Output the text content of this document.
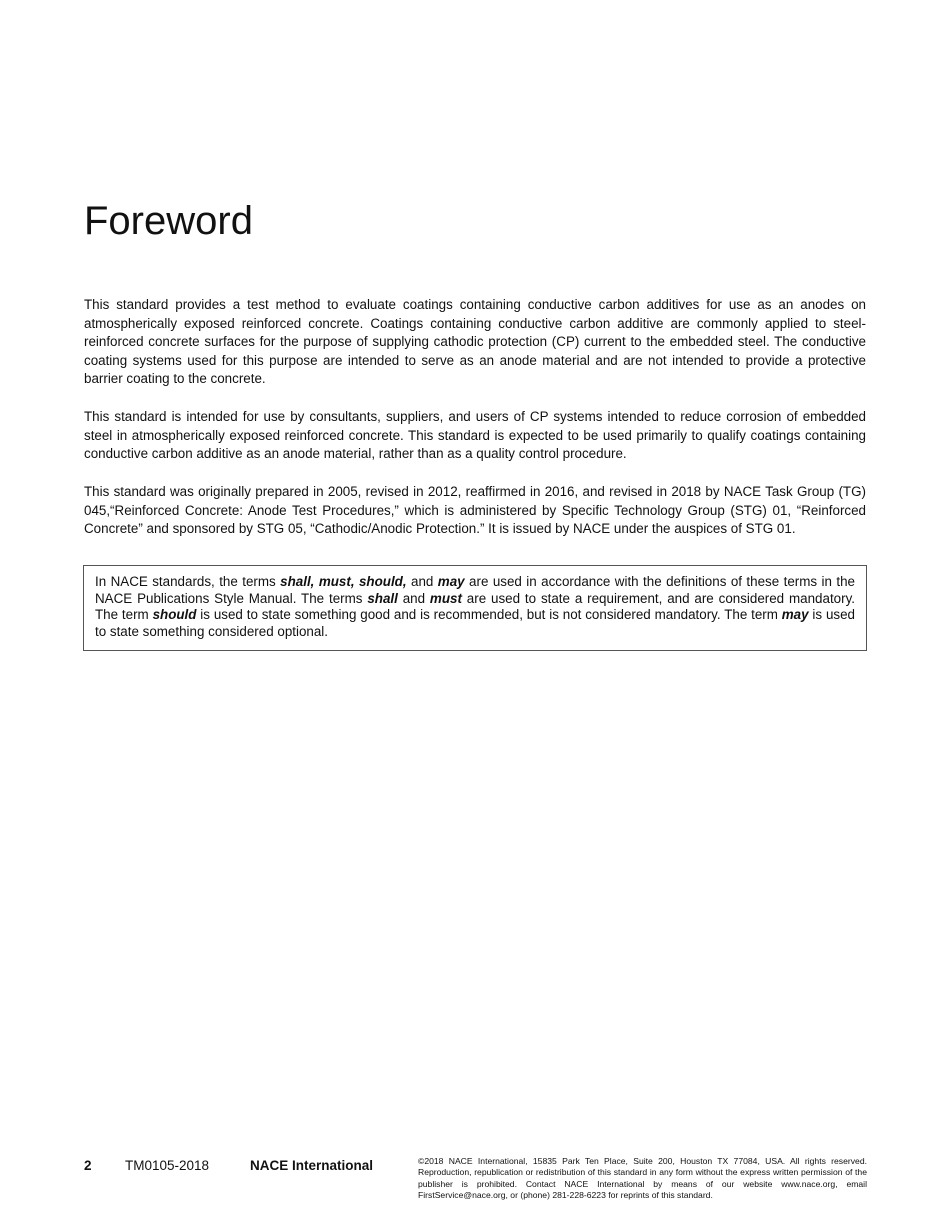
Foreword

This standard provides a test method to evaluate coatings containing conductive carbon additives for use as an anodes on atmospherically exposed reinforced concrete. Coatings containing conductive carbon additive are commonly applied to steel-reinforced concrete surfaces for the purpose of supplying cathodic protection (CP) current to the embedded steel. The conductive coating systems used for this purpose are intended to serve as an anode material and are not intended to provide a protective barrier coating to the concrete.

This standard is intended for use by consultants, suppliers, and users of CP systems intended to reduce corrosion of embedded steel in atmospherically exposed reinforced concrete. This standard is expected to be used primarily to qualify coatings containing conductive carbon additive as an anode material, rather than as a quality control procedure.

This standard was originally prepared in 2005, revised in 2012, reaffirmed in 2016, and revised in 2018 by NACE Task Group (TG) 045,“Reinforced Concrete: Anode Test Procedures,” which is administered by Specific Technology Group (STG) 01, “Reinforced Concrete” and sponsored by STG 05, “Cathodic/Anodic Protection.” It is issued by NACE under the auspices of STG 01.

In NACE standards, the terms shall, must, should, and may are used in accordance with the definitions of these terms in the NACE Publications Style Manual. The terms shall and must are used to state a requirement, and are considered mandatory. The term should is used to state something good and is recommended, but is not considered mandatory. The term may is used to state something considered optional.
2 TM0105-2018	NACE International	©2018 NACE International, 15835 Park Ten Place, Suite 200, Houston TX 77084, USA. All rights reserved. Reproduction, republication or redistribution of this standard in any form without the express written permission of the publisher is prohibited. Contact NACE International by means of our website www.nace.org, email FirstService@nace.org, or (phone) 281-228-6223 for reprints of this standard.
